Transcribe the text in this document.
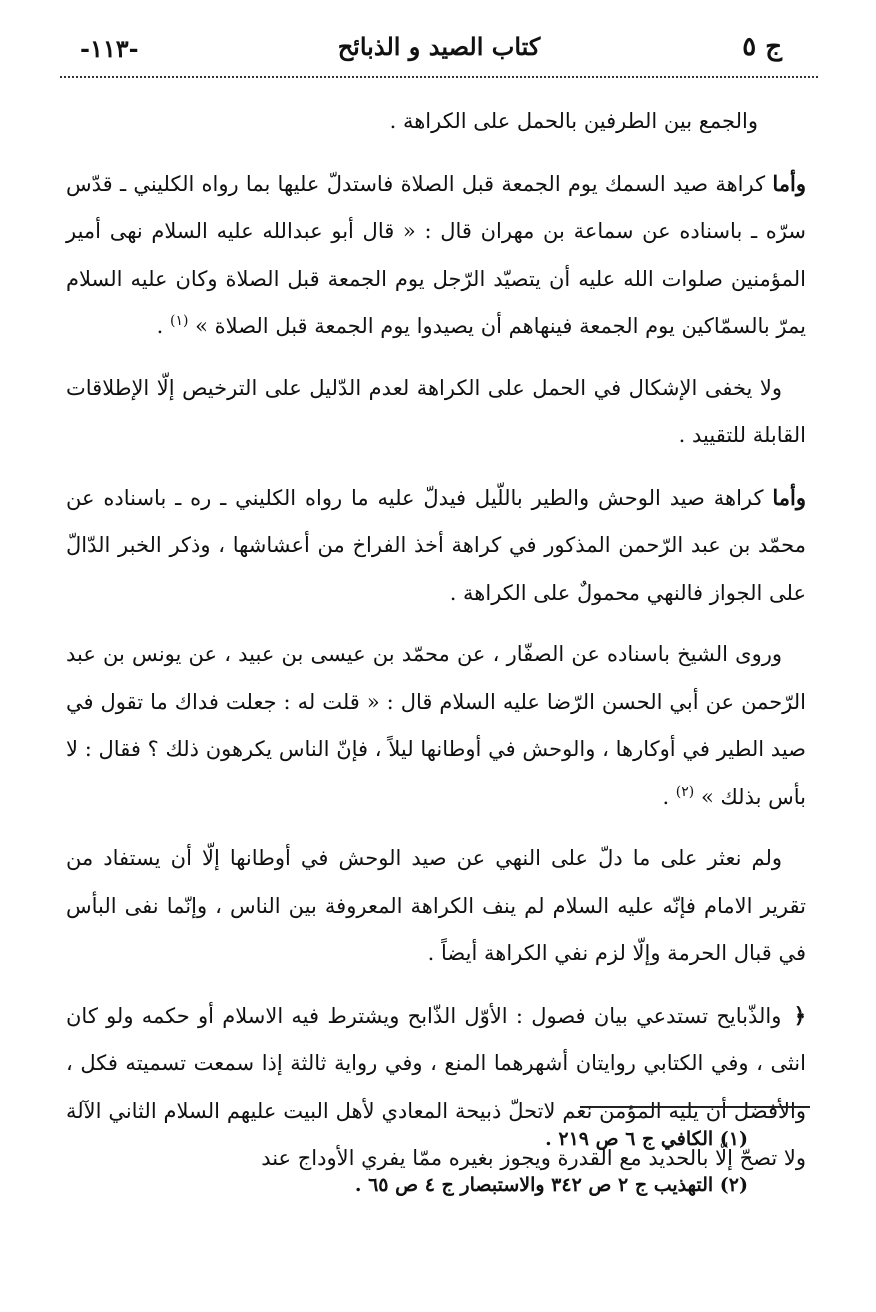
ج ٥
كتاب الصيد و الذبائح
-١١٣-

والجمع بين الطرفين بالحمل على الكراهة .

وأما كراهة صيد السمك يوم الجمعة قبل الصلاة فاستدلّ عليها بما رواه الكليني ـ قدّس سرّه ـ باسناده عن سماعة بن مهران قال : « قال أبو عبدالله عليه السلام نهى أمير المؤمنين صلوات الله عليه أن يتصيّد الرّجل يوم الجمعة قبل الصلاة وكان عليه السلام يمرّ بالسمّاكين يوم الجمعة فينهاهم أن يصيدوا يوم الجمعة قبل الصلاة » $^{(١)}$ .

ولا يخفى الإشكال في الحمل على الكراهة لعدم الدّليل على الترخيص إلّا الإطلاقات القابلة للتقييد .

وأما كراهة صيد الوحش والطير باللّيل فيدلّ عليه ما رواه الكليني ـ ره ـ باسناده عن محمّد بن عبد الرّحمن المذكور في كراهة أخذ الفراخ من أعشاشها ، وذكر الخبر الدّالّ على الجواز فالنهي محمولٌ على الكراهة .

وروى الشيخ باسناده عن الصفّار ، عن محمّد بن عيسى بن عبيد ، عن يونس بن عبد الرّحمن عن أبي الحسن الرّضا عليه السلام قال : « قلت له : جعلت فداك ما تقول في صيد الطير في أوكارها ، والوحش في أوطانها ليلاً ، فإنّ الناس يكرهون ذلك ؟ فقال : لا بأس بذلك » $^{(٢)}$ .

ولم نعثر على ما دلّ على النهي عن صيد الوحش في أوطانها إلّا أن يستفاد من تقرير الامام فإنّه عليه السلام لم ينف الكراهة المعروفة بين الناس ، وإنّما نفى البأس في قبال الحرمة وإلّا لزم نفي الكراهة أيضاً .

﴿ والذّبايح تستدعي بيان فصول : الأوّل الذّابح ويشترط فيه الاسلام أو حكمه ولو كان انثى ، وفي الكتابي روايتان أشهرهما المنع ، وفي رواية ثالثة إذا سمعت تسميته فكل ، والأفضل أن يليه المؤمن نعم لاتحلّ ذبيحة المعادي لأهل البيت عليهم السلام الثاني الآلة ولا تصحّ إلّا بالحديد مع القدرة ويجوز بغيره ممّا يفري الأوداج عند

(١) الكافي ج ٦ ص ٢١٩ .

(٢) التهذيب ج ٢ ص ٣٤٢ والاستبصار ج ٤ ص ٦٥ .
